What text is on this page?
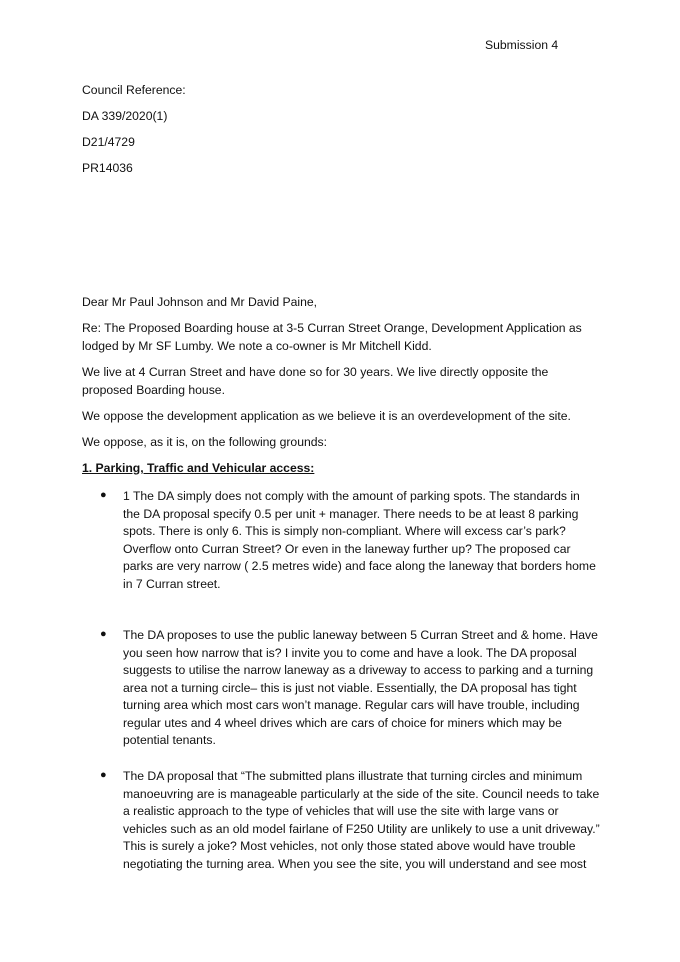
Submission 4
Council Reference:
DA 339/2020(1)
D21/4729
PR14036
Dear Mr Paul Johnson and Mr David Paine,
Re: The Proposed Boarding house at 3-5 Curran Street Orange, Development Application as lodged by Mr SF Lumby. We note a co-owner is Mr Mitchell Kidd.
We live at 4 Curran Street and have done so for 30 years. We live directly opposite the proposed Boarding house.
We oppose the development application as we believe it is an overdevelopment of the site.
We oppose, as it is, on the following grounds:
1. Parking, Traffic and Vehicular access:
● 1 The DA simply does not comply with the amount of parking spots. The standards in the DA proposal specify 0.5 per unit + manager. There needs to be at least 8 parking spots. There is only 6. This is simply non-compliant. Where will excess car’s park? Overflow onto Curran Street? Or even in the laneway further up? The proposed car parks are very narrow ( 2.5 metres wide) and face along the laneway that borders home in 7 Curran street.
● The DA proposes to use the public laneway between 5 Curran Street and & home. Have you seen how narrow that is? I invite you to come and have a look. The DA proposal suggests to utilise the narrow laneway as a driveway to access to parking and a turning area not a turning circle– this is just not viable. Essentially, the DA proposal has tight turning area which most cars won’t manage. Regular cars will have trouble, including regular utes and 4 wheel drives which are cars of choice for miners which may be potential tenants.
● The DA proposal that “The submitted plans illustrate that turning circles and minimum manoeuvring are is manageable particularly at the side of the site. Council needs to take a realistic approach to the type of vehicles that will use the site with large vans or vehicles such as an old model fairlane of F250 Utility are unlikely to use a unit driveway.” This is surely a joke? Most vehicles, not only those stated above would have trouble negotiating the turning area. When you see the site, you will understand and see most
